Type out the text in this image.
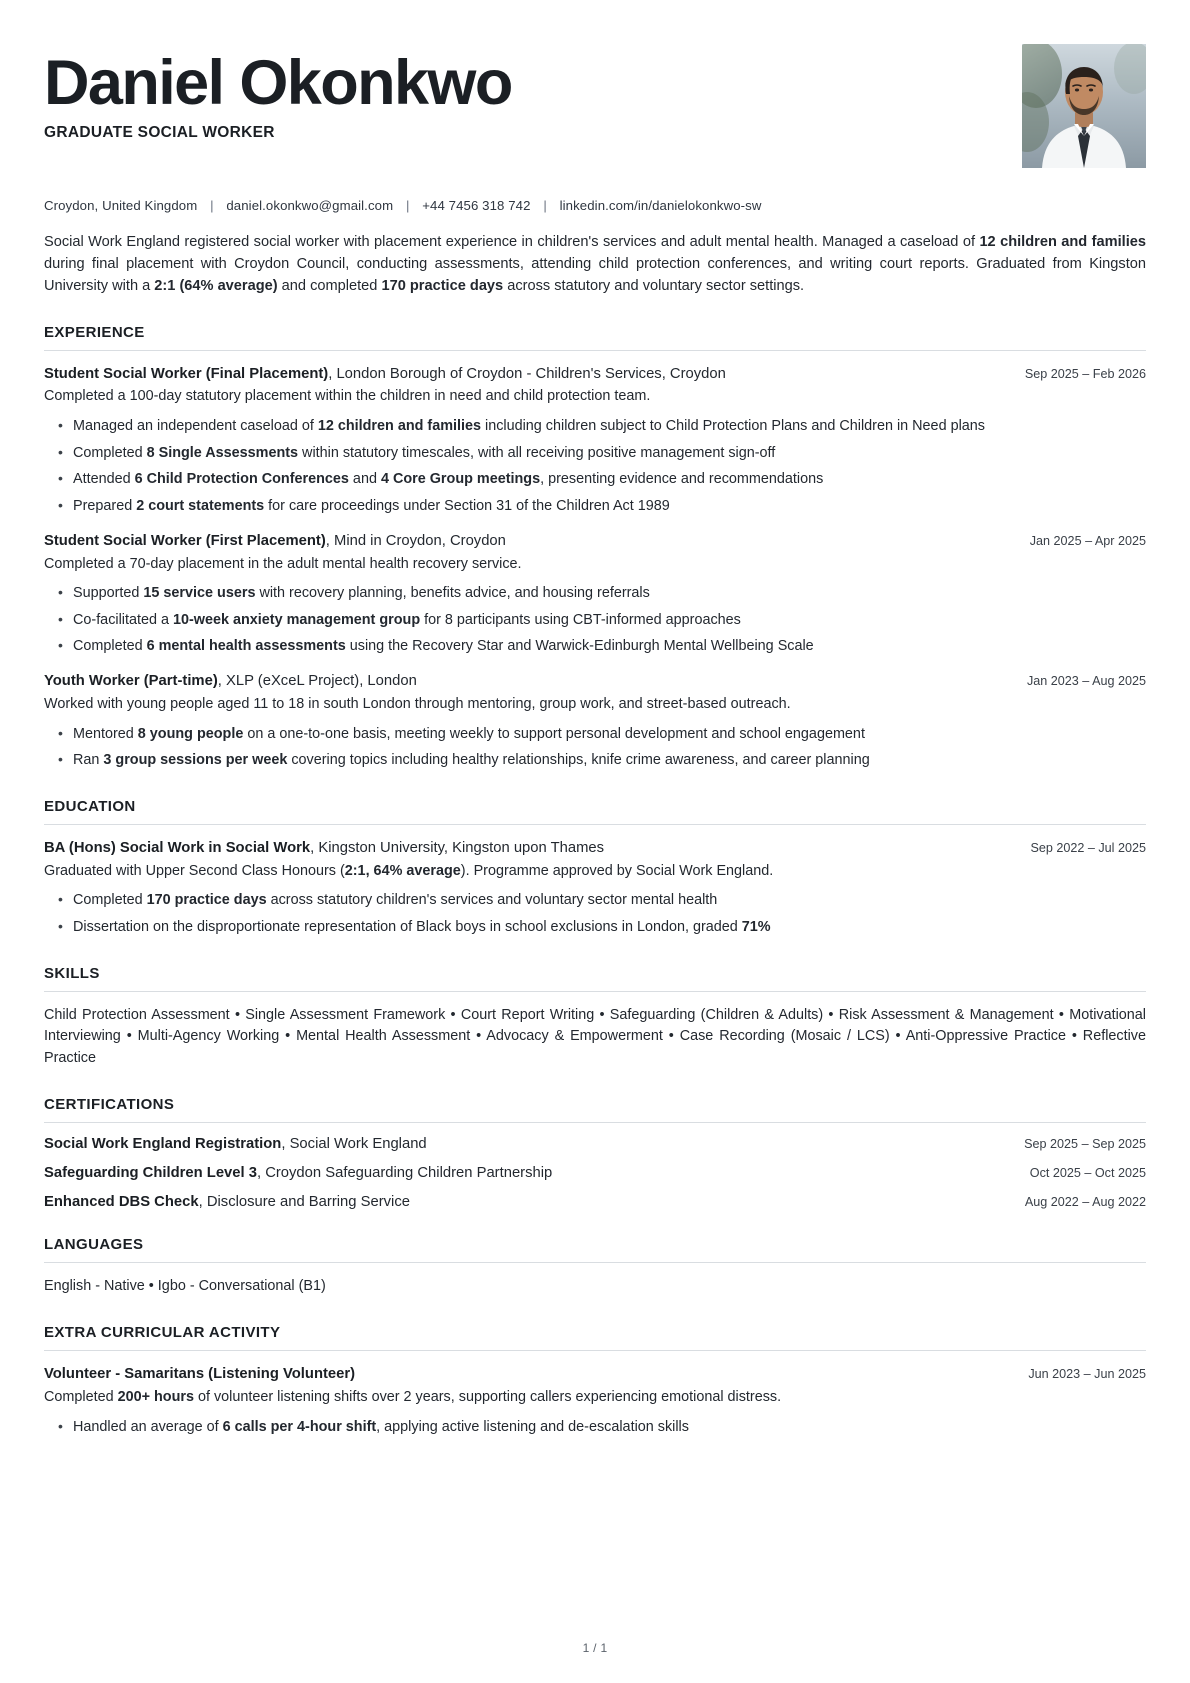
Daniel Okonkwo
GRADUATE SOCIAL WORKER
Croydon, United Kingdom | daniel.okonkwo@gmail.com | +44 7456 318 742 | linkedin.com/in/danielokonkwo-sw
Social Work England registered social worker with placement experience in children's services and adult mental health. Managed a caseload of 12 children and families during final placement with Croydon Council, conducting assessments, attending child protection conferences, and writing court reports. Graduated from Kingston University with a 2:1 (64% average) and completed 170 practice days across statutory and voluntary sector settings.
EXPERIENCE
Student Social Worker (Final Placement), London Borough of Croydon - Children's Services, Croydon	Sep 2025 – Feb 2026
Completed a 100-day statutory placement within the children in need and child protection team.
• Managed an independent caseload of 12 children and families including children subject to Child Protection Plans and Children in Need plans
• Completed 8 Single Assessments within statutory timescales, with all receiving positive management sign-off
• Attended 6 Child Protection Conferences and 4 Core Group meetings, presenting evidence and recommendations
• Prepared 2 court statements for care proceedings under Section 31 of the Children Act 1989
Student Social Worker (First Placement), Mind in Croydon, Croydon	Jan 2025 – Apr 2025
Completed a 70-day placement in the adult mental health recovery service.
• Supported 15 service users with recovery planning, benefits advice, and housing referrals
• Co-facilitated a 10-week anxiety management group for 8 participants using CBT-informed approaches
• Completed 6 mental health assessments using the Recovery Star and Warwick-Edinburgh Mental Wellbeing Scale
Youth Worker (Part-time), XLP (eXceL Project), London	Jan 2023 – Aug 2025
Worked with young people aged 11 to 18 in south London through mentoring, group work, and street-based outreach.
• Mentored 8 young people on a one-to-one basis, meeting weekly to support personal development and school engagement
• Ran 3 group sessions per week covering topics including healthy relationships, knife crime awareness, and career planning
EDUCATION
BA (Hons) Social Work in Social Work, Kingston University, Kingston upon Thames	Sep 2022 – Jul 2025
Graduated with Upper Second Class Honours (2:1, 64% average). Programme approved by Social Work England.
• Completed 170 practice days across statutory children's services and voluntary sector mental health
• Dissertation on the disproportionate representation of Black boys in school exclusions in London, graded 71%
SKILLS
Child Protection Assessment • Single Assessment Framework • Court Report Writing • Safeguarding (Children & Adults) • Risk Assessment & Management • Motivational Interviewing • Multi-Agency Working • Mental Health Assessment • Advocacy & Empowerment • Case Recording (Mosaic / LCS) • Anti-Oppressive Practice • Reflective Practice
CERTIFICATIONS
Social Work England Registration, Social Work England	Sep 2025 – Sep 2025
Safeguarding Children Level 3, Croydon Safeguarding Children Partnership	Oct 2025 – Oct 2025
Enhanced DBS Check, Disclosure and Barring Service	Aug 2022 – Aug 2022
LANGUAGES
English - Native • Igbo - Conversational (B1)
EXTRA CURRICULAR ACTIVITY
Volunteer - Samaritans (Listening Volunteer)	Jun 2023 – Jun 2025
Completed 200+ hours of volunteer listening shifts over 2 years, supporting callers experiencing emotional distress.
• Handled an average of 6 calls per 4-hour shift, applying active listening and de-escalation skills
1 / 1
